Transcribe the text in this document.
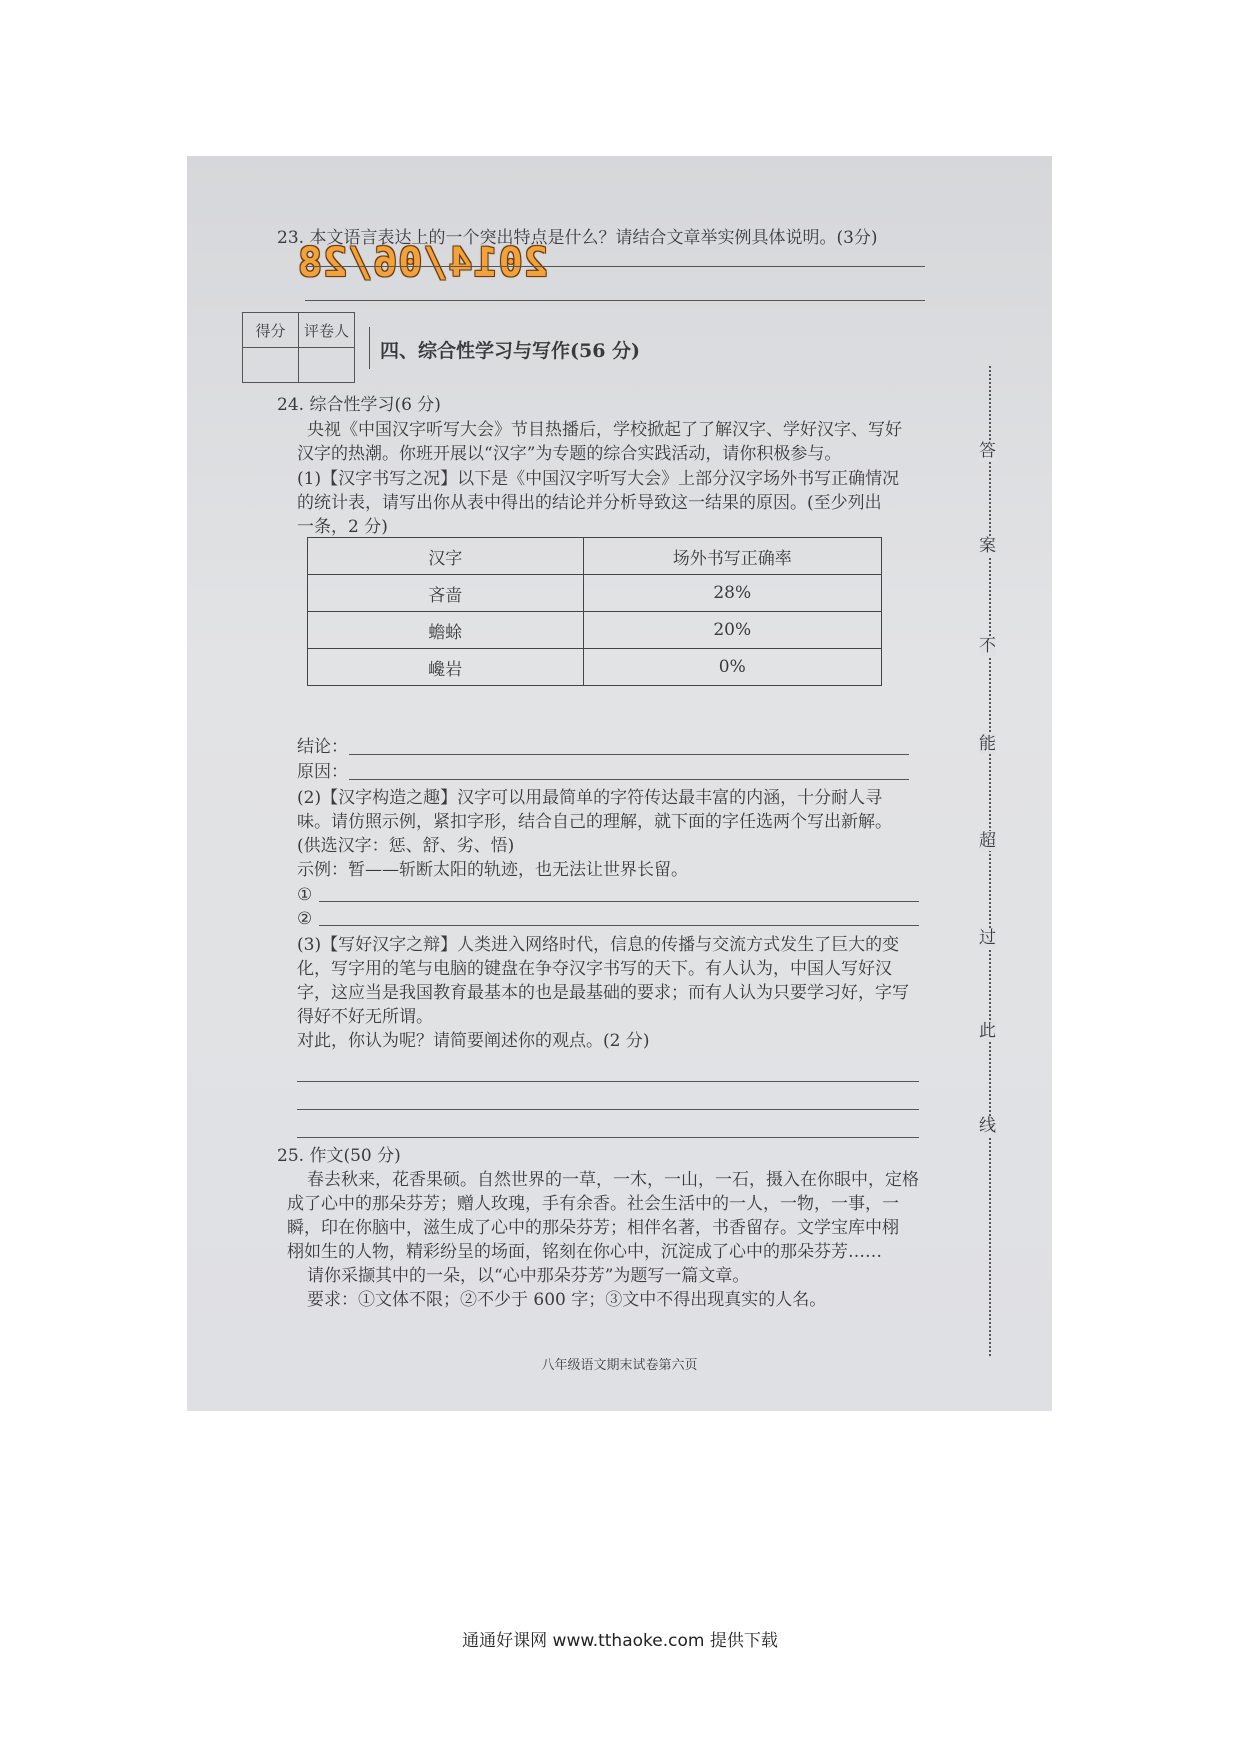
23. 本文语言表达上的一个突出特点是什么？请结合文章举实例具体说明。(3分)
2014/06/28
得分	评卷人

四、综合性学习与写作(56 分)
24. 综合性学习(6 分)
央视《中国汉字听写大会》节目热播后，学校掀起了了解汉字、学好汉字、写好
汉字的热潮。你班开展以“汉字”为专题的综合实践活动，请你积极参与。
(1)【汉字书写之况】以下是《中国汉字听写大会》上部分汉字场外书写正确情况
的统计表，请写出你从表中得出的结论并分析导致这一结果的原因。(至少列出
一条，2 分)
汉字	场外书写正确率
吝啬	28%
蟾蜍	20%
巉岩	0%
结论：
原因：
(2)【汉字构造之趣】汉字可以用最简单的字符传达最丰富的内涵，十分耐人寻
味。请仿照示例，紧扣字形，结合自己的理解，就下面的字任选两个写出新解。
(供选汉字：惩、舒、劣、悟)
示例：暂——斩断太阳的轨迹，也无法让世界长留。
①
②
(3)【写好汉字之辩】人类进入网络时代，信息的传播与交流方式发生了巨大的变
化，写字用的笔与电脑的键盘在争夺汉字书写的天下。有人认为，中国人写好汉
字，这应当是我国教育最基本的也是最基础的要求；而有人认为只要学习好，字写
得好不好无所谓。
对此，你认为呢？请简要阐述你的观点。(2 分)
25. 作文(50 分)
春去秋来，花香果硕。自然世界的一草，一木，一山，一石，摄入在你眼中，定格
成了心中的那朵芬芳；赠人玫瑰，手有余香。社会生活中的一人，一物，一事，一
瞬，印在你脑中，滋生成了心中的那朵芬芳；相伴名著，书香留存。文学宝库中栩
栩如生的人物，精彩纷呈的场面，铭刻在你心中，沉淀成了心中的那朵芬芳……
请你采撷其中的一朵，以“心中那朵芬芳”为题写一篇文章。
要求：①文体不限；②不少于 600 字；③文中不得出现真实的人名。
八年级语文期末试卷第六页
答
案
不
能
超
过
此
线
通通好课网 www.tthaoke.com 提供下载
